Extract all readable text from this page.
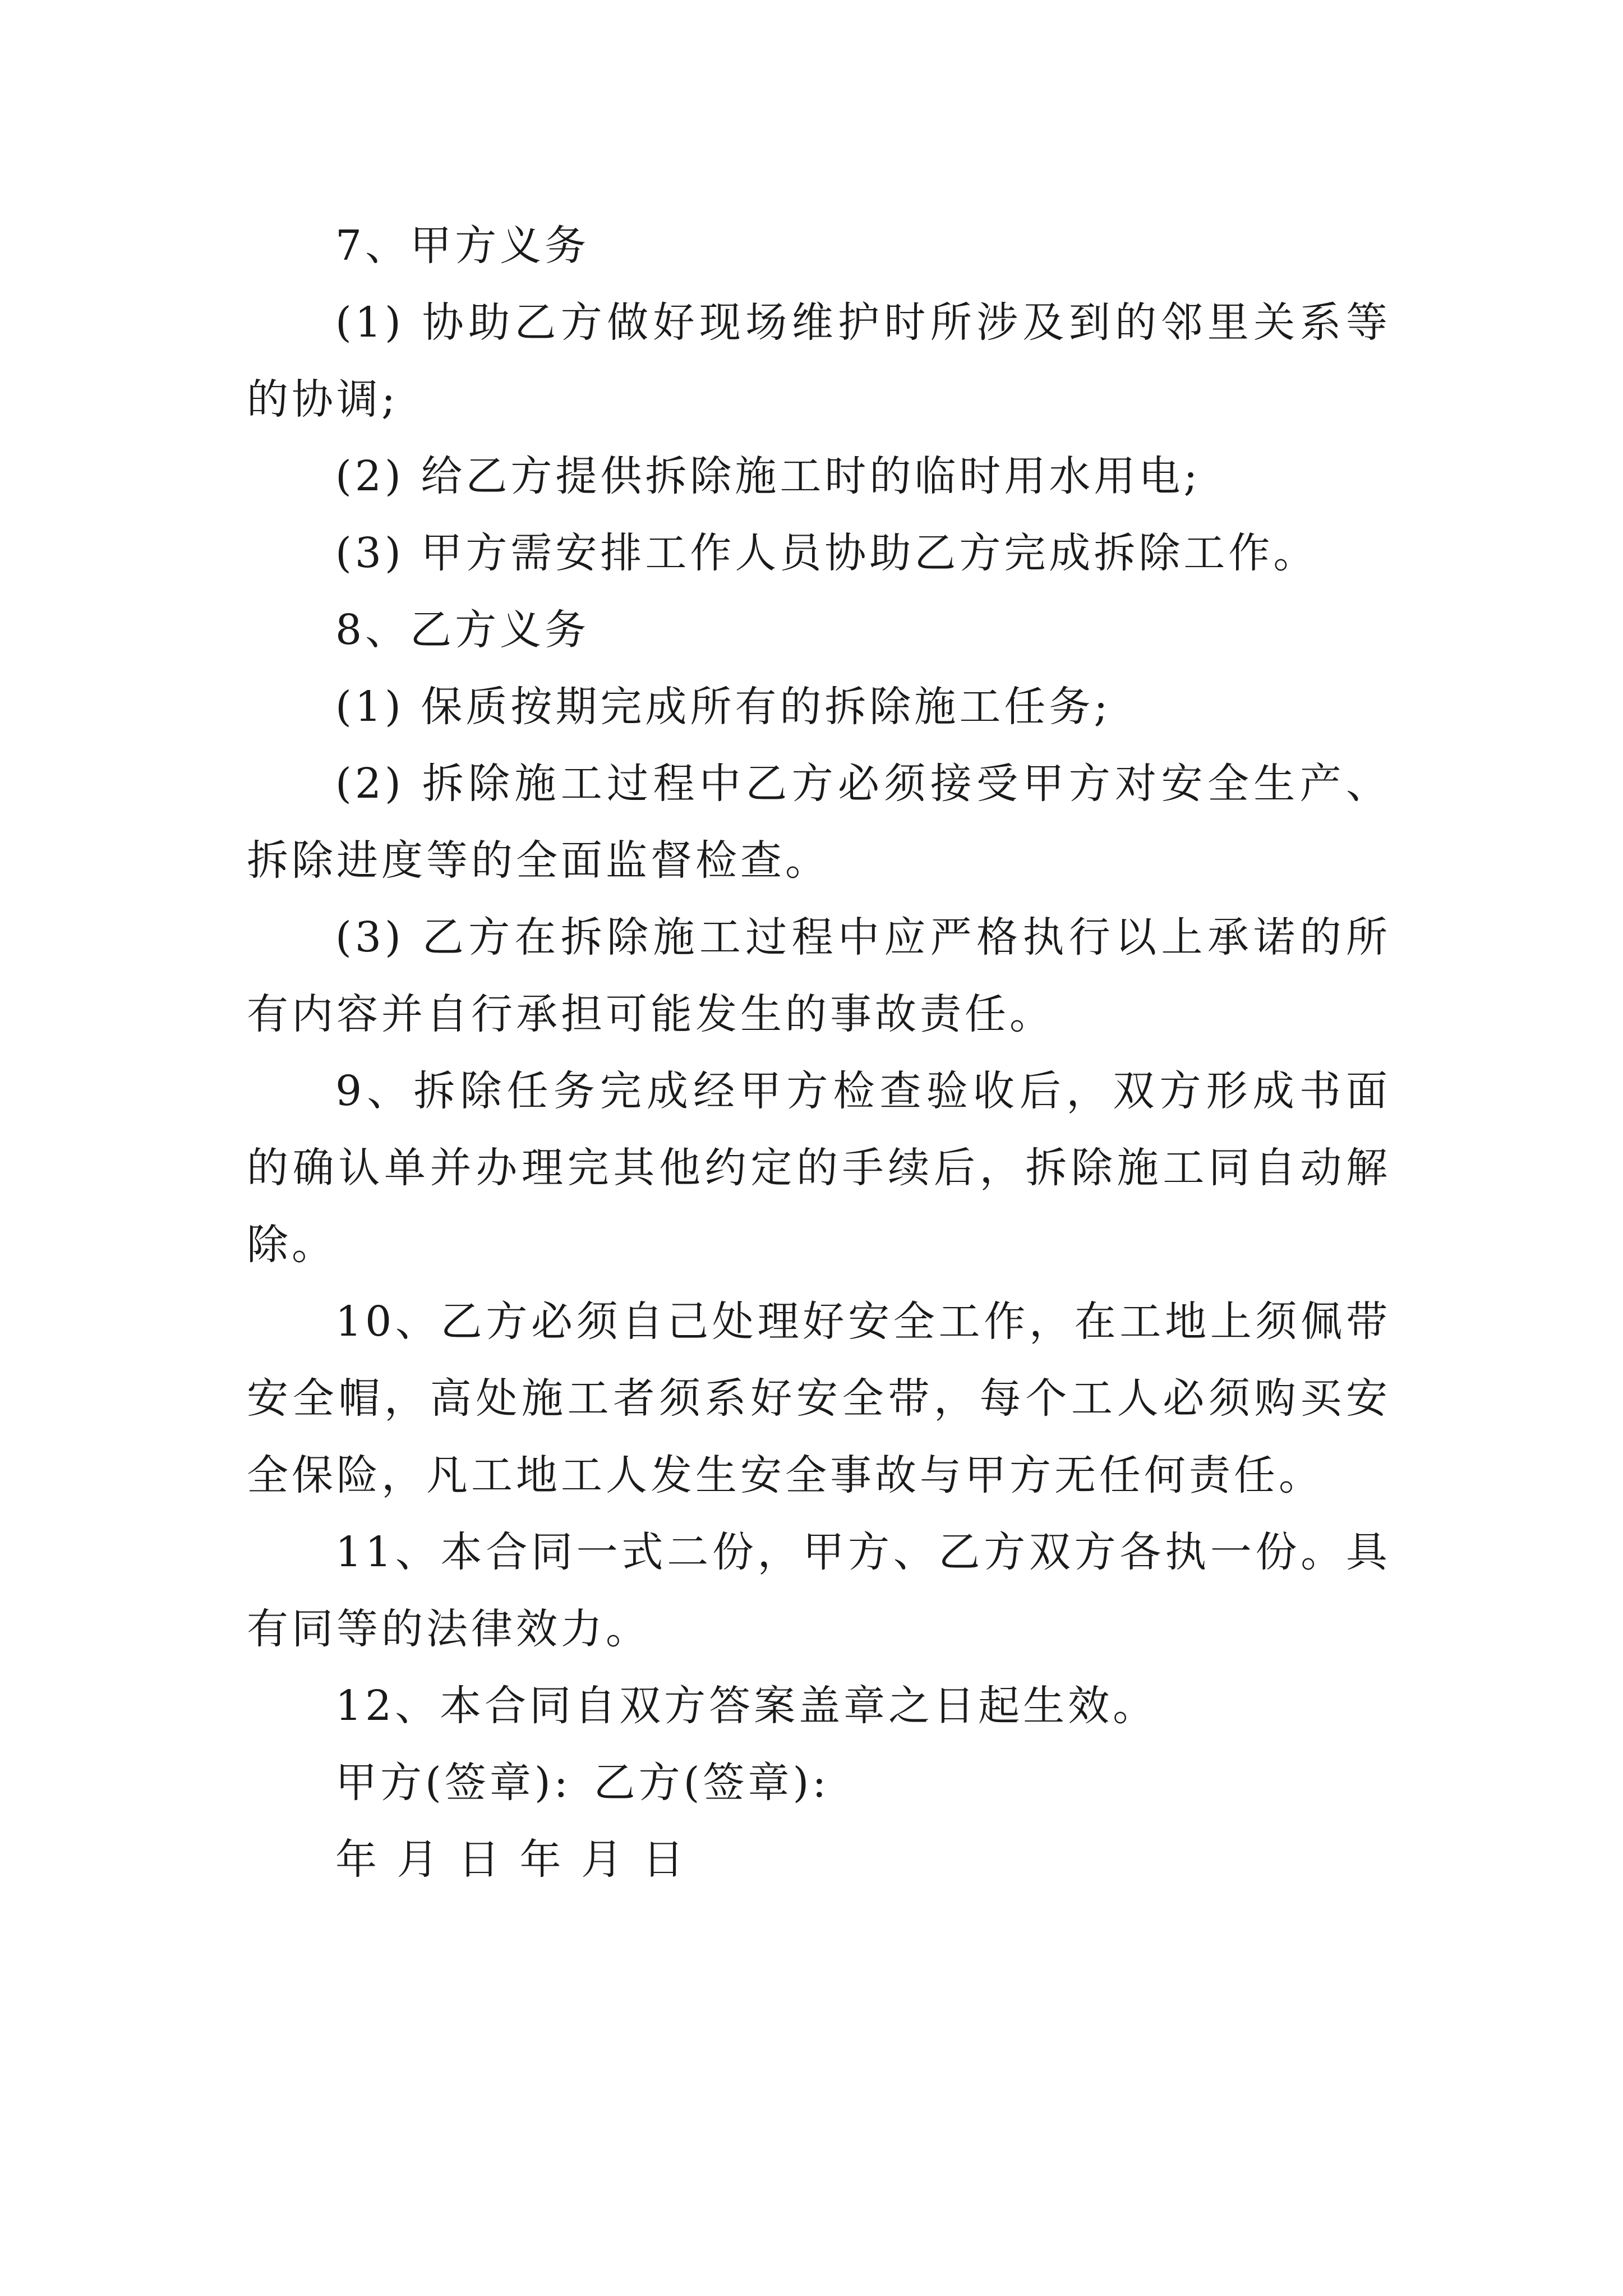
7、甲方义务

(1) 协助乙方做好现场维护时所涉及到的邻里关系等的协调;

(2) 给乙方提供拆除施工时的临时用水用电;

(3) 甲方需安排工作人员协助乙方完成拆除工作。

8、乙方义务

(1) 保质按期完成所有的拆除施工任务;

(2) 拆除施工过程中乙方必须接受甲方对安全生产、拆除进度等的全面监督检查。

(3) 乙方在拆除施工过程中应严格执行以上承诺的所有内容并自行承担可能发生的事故责任。

9、拆除任务完成经甲方检查验收后，双方形成书面的确认单并办理完其他约定的手续后，拆除施工同自动解除。

10、乙方必须自己处理好安全工作，在工地上须佩带安全帽，高处施工者须系好安全带，每个工人必须购买安全保险，凡工地工人发生安全事故与甲方无任何责任。

11、本合同一式二份，甲方、乙方双方各执一份。具有同等的法律效力。

12、本合同自双方答案盖章之日起生效。

甲方(签章): 乙方(签章):

年 月 日 年 月 日
